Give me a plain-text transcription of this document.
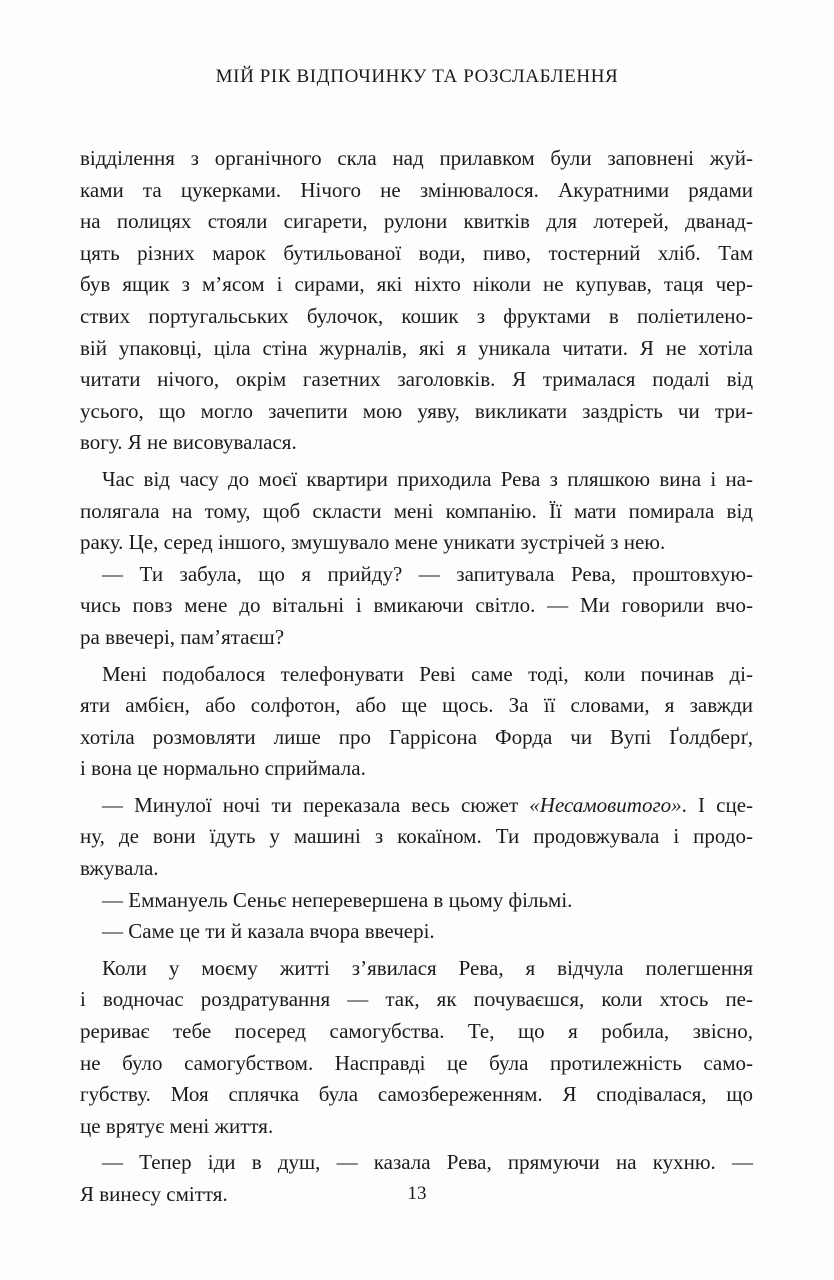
МІЙ РІК ВІДПОЧИНКУ ТА РОЗСЛАБЛЕННЯ
відділення з органічного скла над прилавком були заповнені жуй-
ками та цукерками. Нічого не змінювалося. Акуратними рядами
на полицях стояли сигарети, рулони квитків для лотерей, дванад-
цять різних марок бутильованої води, пиво, тостерний хліб. Там
був ящик з м’ясом і сирами, які ніхто ніколи не купував, таця чер-
ствих португальських булочок, кошик з фруктами в поліетилено-
вій упаковці, ціла стіна журналів, які я уникала читати. Я не хотіла
читати нічого, окрім газетних заголовків. Я трималася подалі від
усього, що могло зачепити мою уяву, викликати заздрість чи три-
вогу. Я не висовувалася.
Час від часу до моєї квартири приходила Рева з пляшкою вина і на-
полягала на тому, щоб скласти мені компанію. Її мати помирала від
раку. Це, серед іншого, змушувало мене уникати зустрічей з нею.
— Ти забула, що я прийду? — запитувала Рева, проштовхую-
чись повз мене до вітальні і вмикаючи світло. — Ми говорили вчо-
ра ввечері, пам’ятаєш?
Мені подобалося телефонувати Реві саме тоді, коли починав ді-
яти амбієн, або солфотон, або ще щось. За її словами, я завжди
хотіла розмовляти лише про Гаррісона Форда чи Вупі Ґолдберґ,
і вона це нормально сприймала.
— Минулої ночі ти переказала весь сюжет «Несамовитого». І сце-
ну, де вони їдуть у машині з кокаїном. Ти продовжувала і продо-
вжувала.
— Еммануель Сеньє неперевершена в цьому фільмі.
— Саме це ти й казала вчора ввечері.
Коли у моєму житті з’явилася Рева, я відчула полегшення
і водночас роздратування — так, як почуваєшся, коли хтось пе-
рериває тебе посеред самогубства. Те, що я робила, звісно,
не було самогубством. Насправді це була протилежність само-
губству. Моя сплячка була самозбереженням. Я сподівалася, що
це врятує мені життя.
— Тепер іди в душ, — казала Рева, прямуючи на кухню. —
Я винесу сміття.	13
